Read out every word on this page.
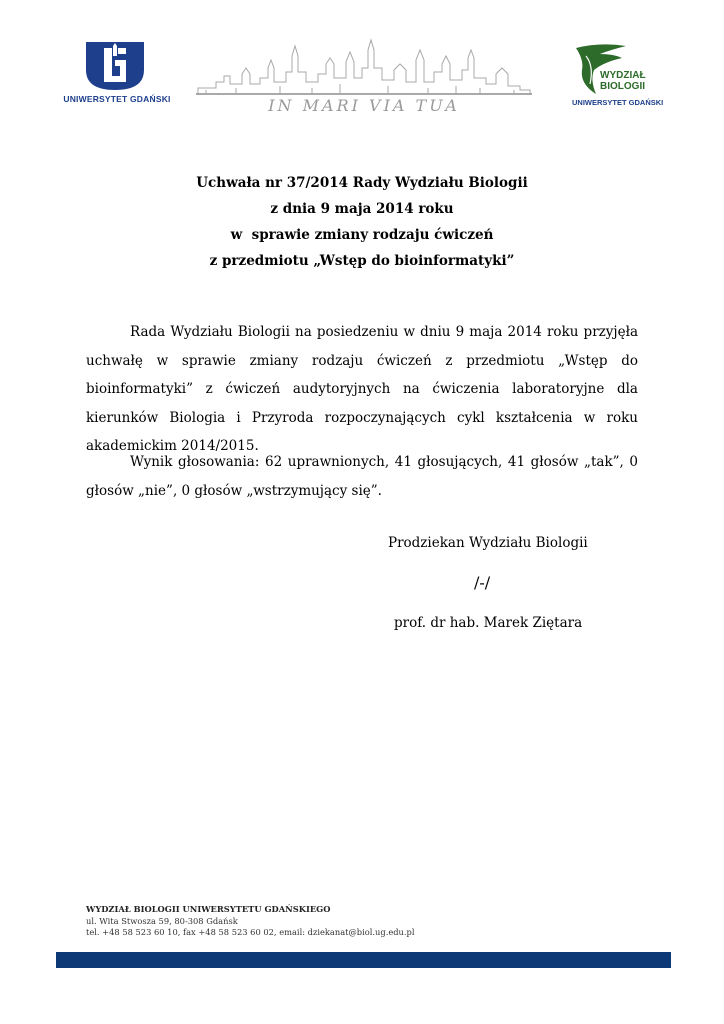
UNIWERSYTET GDAŃSKI	IN MARI VIA TUA
WYDZIAŁ
BIOLOGII
UNIWERSYTET GDAŃSKI
Uchwała nr 37/2014 Rady Wydziału Biologii
z dnia 9 maja 2014 roku
w  sprawie zmiany rodzaju ćwiczeń
z przedmiotu „Wstęp do bioinformatyki”
Rada Wydziału Biologii na posiedzeniu w dniu 9 maja 2014 roku przyjęła uchwałę w sprawie zmiany rodzaju ćwiczeń z przedmiotu „Wstęp do bioinformatyki” z ćwiczeń audytoryjnych na ćwiczenia laboratoryjne dla kierunków Biologia i Przyroda rozpoczynających cykl kształcenia w roku akademickim 2014/2015.
Wynik głosowania: 62 uprawnionych, 41 głosujących, 41 głosów „tak”, 0 głosów „nie”, 0 głosów „wstrzymujący się”.
Prodziekan Wydziału Biologii
/-/
prof. dr hab. Marek Ziętara
WYDZIAŁ BIOLOGII UNIWERSYTETU GDAŃSKIEGO
ul. Wita Stwosza 59, 80-308 Gdańsk
tel. +48 58 523 60 10, fax +48 58 523 60 02, email: dziekanat@biol.ug.edu.pl
